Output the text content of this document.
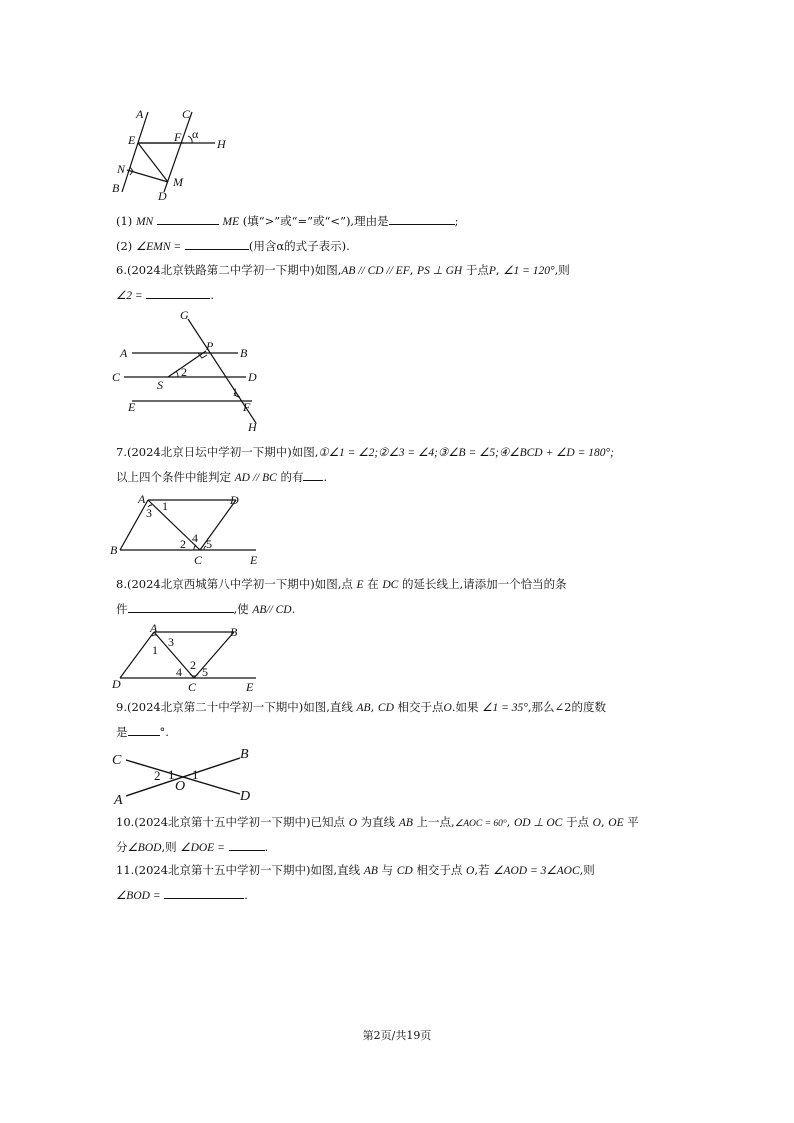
A	C
E	F α
H
N
B	M
D
(1) MN	ME (填“>”或“=”或“<”),理由是	;
(2) ∠EMN =	(用含α的式子表示).
6.(2024北京铁路第二中学初一下期中)如图,AB // CD // EF, PS ⊥ GH 于点P, ∠1 = 120°,则
∠2 =	.
G
A	P B
C	2	D
S	1
E	F
H
7.(2024北京日坛中学初一下期中)如图,①∠1 = ∠2;②∠3 = ∠4;③∠B = ∠5;④∠BCD + ∠D = 180°;
以上四个条件中能判定 AD // BC 的有 .
A 1	D
3
4
2 5
B
C	E
8.(2024北京西城第八中学初一下期中)如图,点 E 在 DC 的延长线上,请添加一个恰当的条
件	,使 AB// CD.
A
3
B
1
2
4 5
D	C	E
9.(2024北京第二十中学初一下期中)如图,直线 AB, CD 相交于点O.如果 ∠1 = 35°,那么∠2的度数
是	°.
C	B
2 1 1
O
A	D
10.(2024北京第十五中学初一下期中)已知点 O 为直线 AB 上一点,∠AOC = 60°, OD ⊥ OC 于点 O, OE 平
分∠BOD,则 ∠DOE =	.
11.(2024北京第十五中学初一下期中)如图,直线 AB 与 CD 相交于点 O,若 ∠AOD = 3∠AOC,则
∠BOD =	.
第2页/共19页
